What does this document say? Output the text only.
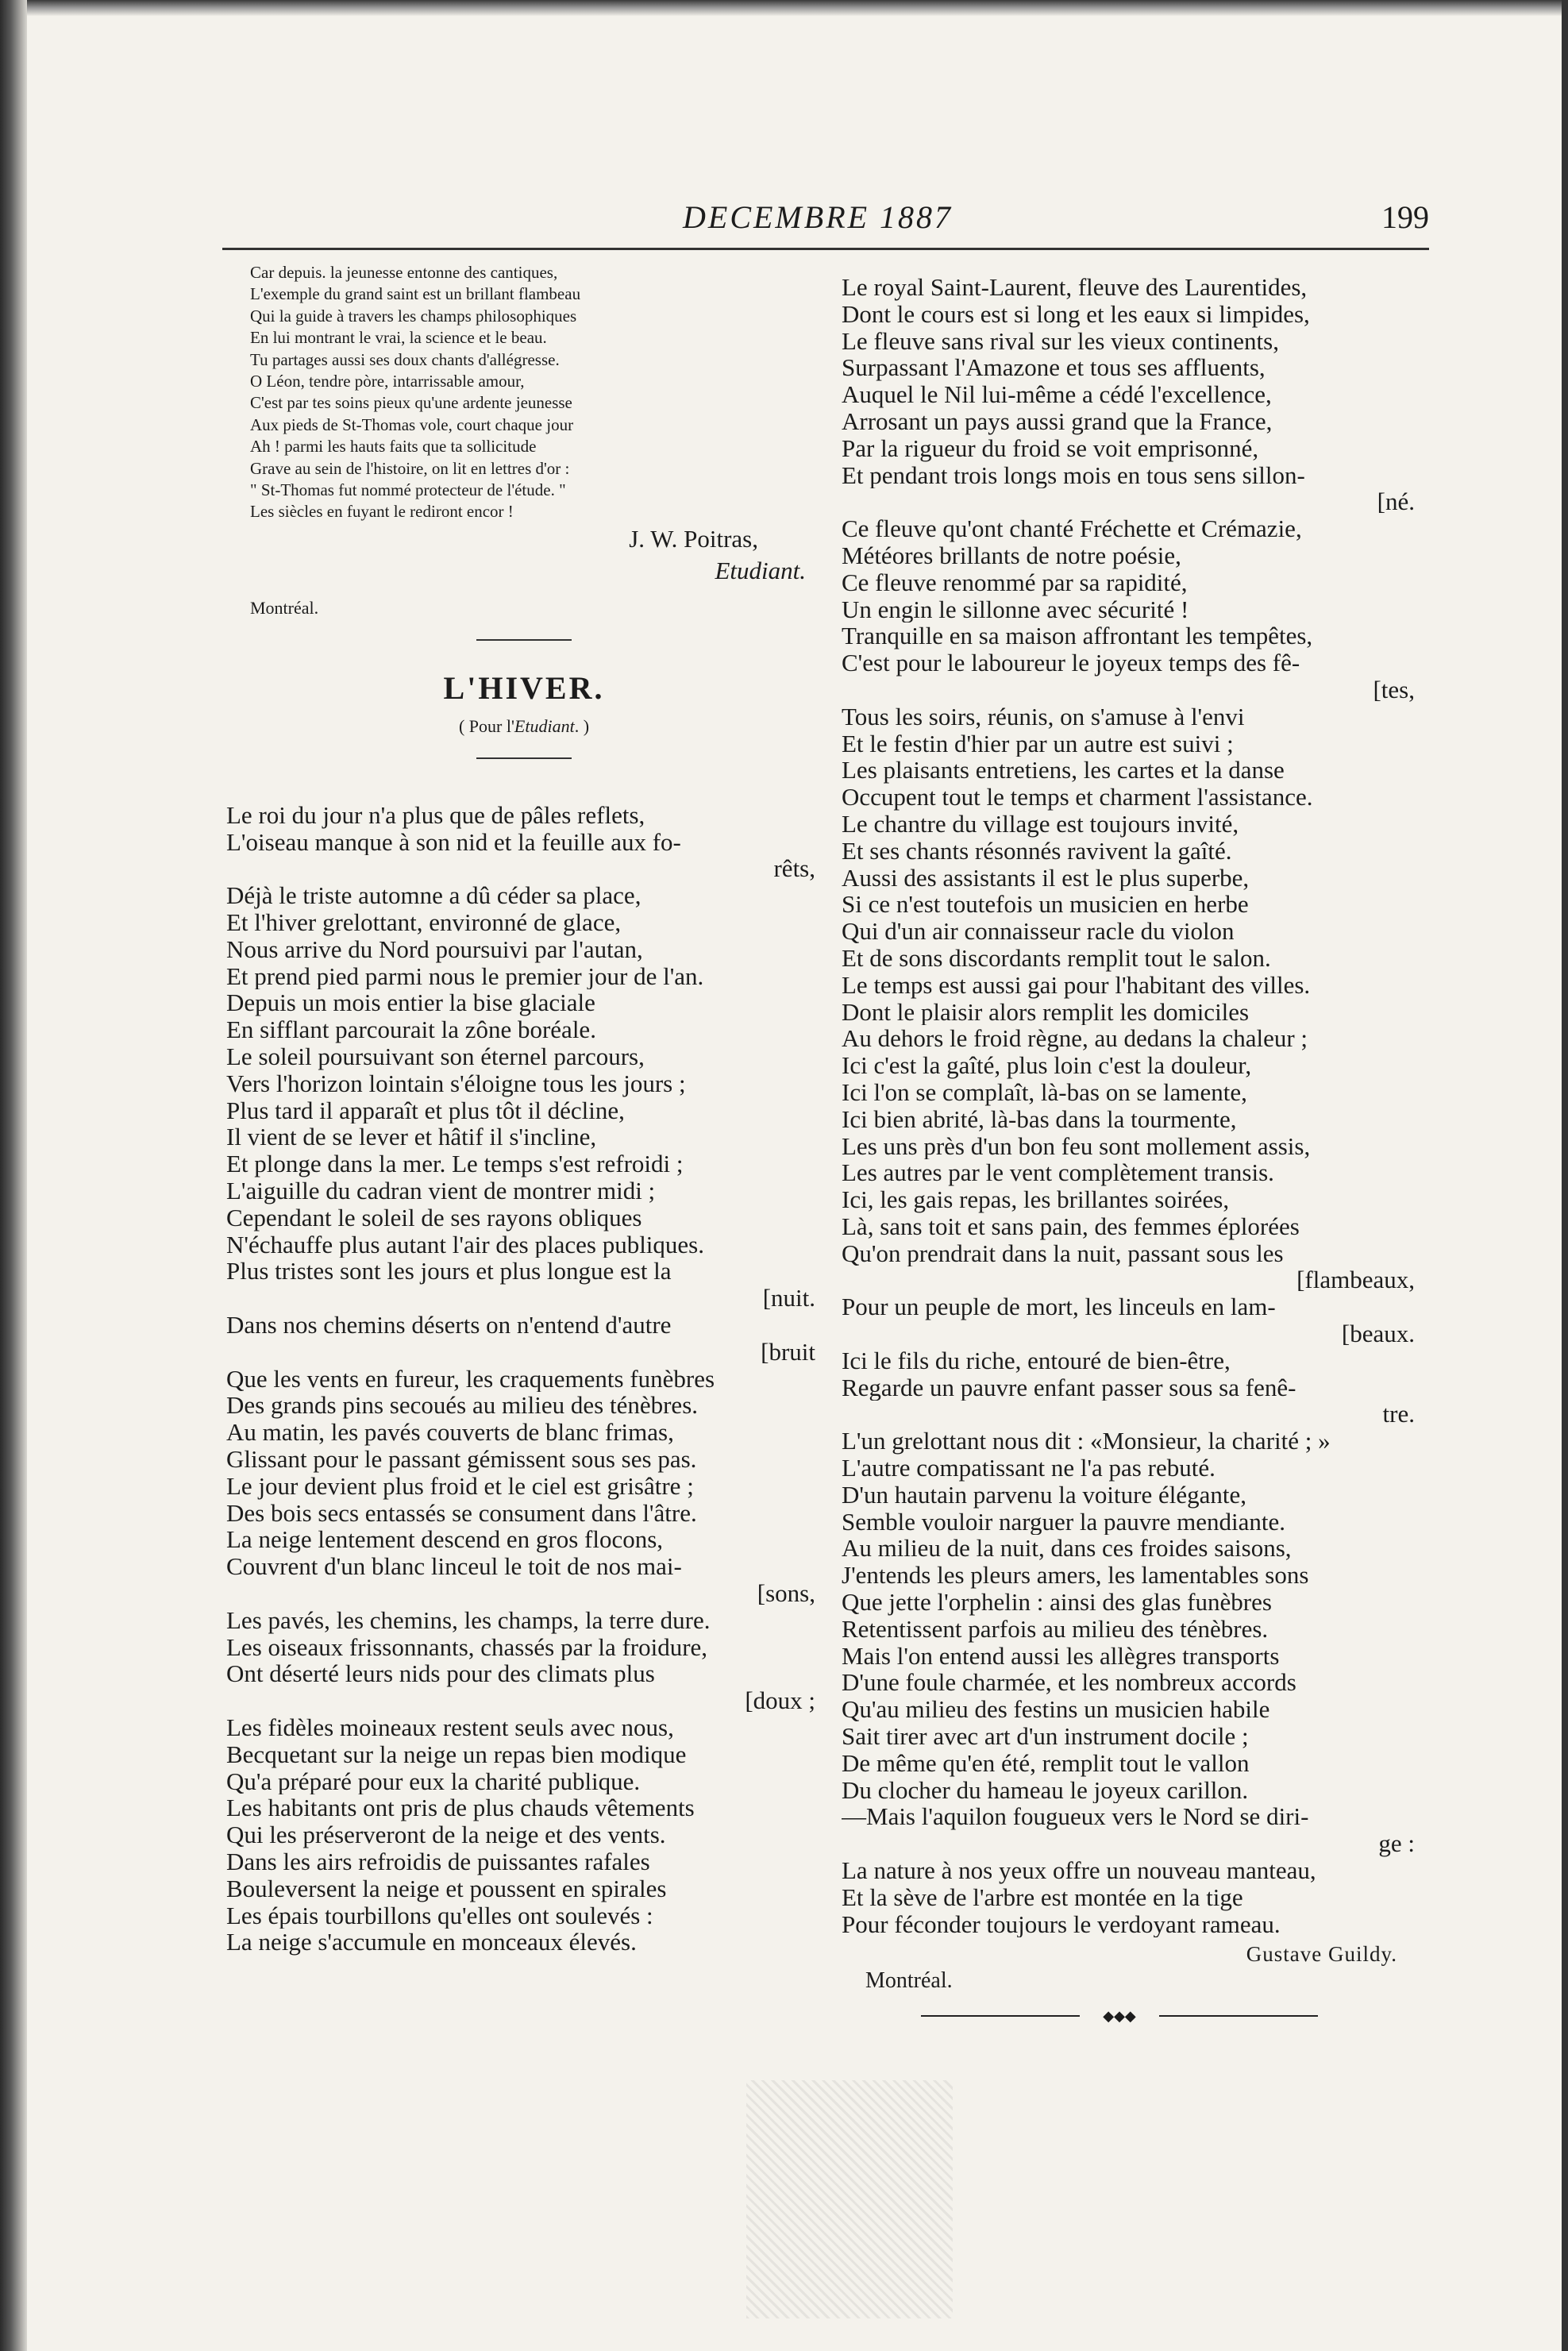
DECEMBRE 1887	199
Car depuis. la jeunesse entonne des cantiques,
L'exemple du grand saint est un brillant flambeau
Qui la guide à travers les champs philosophiques
En lui montrant le vrai, la science et le beau.
Tu partages aussi ses doux chants d'allégresse.
O Léon, tendre pòre, intarrissable amour,
C'est par tes soins pieux qu'une ardente jeunesse
Aux pieds de St-Thomas vole, court chaque jour
Ah ! parmi les hauts faits que ta sollicitude
Grave au sein de l'histoire, on lit en lettres d'or :
" St-Thomas fut nommé protecteur de l'étude. "
Les siècles en fuyant le rediront encor !
J. W. Poitras,
Etudiant.
Montréal.
L'HIVER.
( Pour l'Etudiant. )
Le roi du jour n'a plus que de pâles reflets,
L'oiseau manque à son nid et la feuille aux fo-
rêts,
Déjà le triste automne a dû céder sa place,
Et l'hiver grelottant, environné de glace,
Nous arrive du Nord poursuivi par l'autan,
Et prend pied parmi nous le premier jour de l'an.
Depuis un mois entier la bise glaciale
En sifflant parcourait la zône boréale.
Le soleil poursuivant son éternel parcours,
Vers l'horizon lointain s'éloigne tous les jours ;
Plus tard il apparaît et plus tôt il décline,
Il vient de se lever et hâtif il s'incline,
Et plonge dans la mer. Le temps s'est refroidi ;
L'aiguille du cadran vient de montrer midi ;
Cependant le soleil de ses rayons obliques
N'échauffe plus autant l'air des places publiques.
Plus tristes sont les jours et plus longue est la
[nuit.
Dans nos chemins déserts on n'entend d'autre
[bruit
Que les vents en fureur, les craquements funèbres
Des grands pins secoués au milieu des ténèbres.
Au matin, les pavés couverts de blanc frimas,
Glissant pour le passant gémissent sous ses pas.
Le jour devient plus froid et le ciel est grisâtre ;
Des bois secs entassés se consument dans l'âtre.
La neige lentement descend en gros flocons,
Couvrent d'un blanc linceul le toit de nos mai-
[sons,
Les pavés, les chemins, les champs, la terre dure.
Les oiseaux frissonnants, chassés par la froidure,
Ont déserté leurs nids pour des climats plus
[doux ;
Les fidèles moineaux restent seuls avec nous,
Becquetant sur la neige un repas bien modique
Qu'a préparé pour eux la charité publique.
Les habitants ont pris de plus chauds vêtements
Qui les préserveront de la neige et des vents.
Dans les airs refroidis de puissantes rafales
Bouleversent la neige et poussent en spirales
Les épais tourbillons qu'elles ont soulevés :
La neige s'accumule en monceaux élevés.
Le royal Saint-Laurent, fleuve des Laurentides,
Dont le cours est si long et les eaux si limpides,
Le fleuve sans rival sur les vieux continents,
Surpassant l'Amazone et tous ses affluents,
Auquel le Nil lui-même a cédé l'excellence,
Arrosant un pays aussi grand que la France,
Par la rigueur du froid se voit emprisonné,
Et pendant trois longs mois en tous sens sillon-
[né.
Ce fleuve qu'ont chanté Fréchette et Crémazie,
Météores brillants de notre poésie,
Ce fleuve renommé par sa rapidité,
Un engin le sillonne avec sécurité !
Tranquille en sa maison affrontant les tempêtes,
C'est pour le laboureur le joyeux temps des fê-
[tes,
Tous les soirs, réunis, on s'amuse à l'envi
Et le festin d'hier par un autre est suivi ;
Les plaisants entretiens, les cartes et la danse
Occupent tout le temps et charment l'assistance.
Le chantre du village est toujours invité,
Et ses chants résonnés ravivent la gaîté.
Aussi des assistants il est le plus superbe,
Si ce n'est toutefois un musicien en herbe
Qui d'un air connaisseur racle du violon
Et de sons discordants remplit tout le salon.
Le temps est aussi gai pour l'habitant des villes.
Dont le plaisir alors remplit les domiciles
Au dehors le froid règne, au dedans la chaleur ;
Ici c'est la gaîté, plus loin c'est la douleur,
Ici l'on se complaît, là-bas on se lamente,
Ici bien abrité, là-bas dans la tourmente,
Les uns près d'un bon feu sont mollement assis,
Les autres par le vent complètement transis.
Ici, les gais repas, les brillantes soirées,
Là, sans toit et sans pain, des femmes éplorées
Qu'on prendrait dans la nuit, passant sous les
[flambeaux,
Pour un peuple de mort, les linceuls en lam-
[beaux.
Ici le fils du riche, entouré de bien-être,
Regarde un pauvre enfant passer sous sa fenê-
tre.
L'un grelottant nous dit : «Monsieur, la charité ; »
L'autre compatissant ne l'a pas rebuté.
D'un hautain parvenu la voiture élégante,
Semble vouloir narguer la pauvre mendiante.
Au milieu de la nuit, dans ces froides saisons,
J'entends les pleurs amers, les lamentables sons
Que jette l'orphelin : ainsi des glas funèbres
Retentissent parfois au milieu des ténèbres.
Mais l'on entend aussi les allègres transports
D'une foule charmée, et les nombreux accords
Qu'au milieu des festins un musicien habile
Sait tirer avec art d'un instrument docile ;
De même qu'en été, remplit tout le vallon
Du clocher du hameau le joyeux carillon.
—Mais l'aquilon fougueux vers le Nord se diri-
ge :
La nature à nos yeux offre un nouveau manteau,
Et la sève de l'arbre est montée en la tige
Pour féconder toujours le verdoyant rameau.
Gustave Guildy.
Montréal.
◆◆◆
